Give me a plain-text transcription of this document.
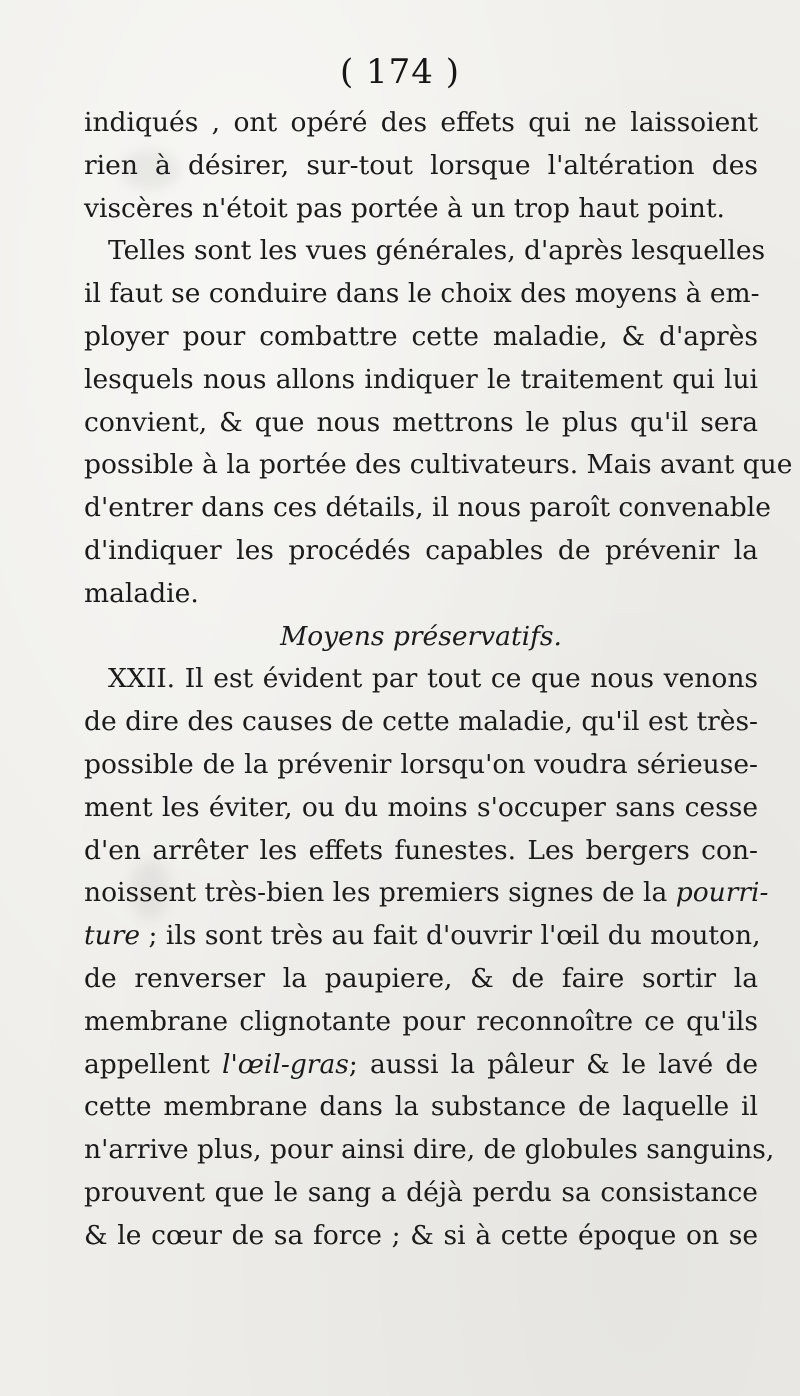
( 174 )
indiqués , ont opéré des effets qui ne laissoient
rien à désirer, sur-tout lorsque l'altération des
viscères n'étoit pas portée à un trop haut point.
Telles sont les vues générales, d'après lesquelles
il faut se conduire dans le choix des moyens à em-
ployer pour combattre cette maladie, & d'après
lesquels nous allons indiquer le traitement qui lui
convient, & que nous mettrons le plus qu'il sera
possible à la portée des cultivateurs. Mais avant que
d'entrer dans ces détails, il nous paroît convenable
d'indiquer les procédés capables de prévenir la
maladie.
Moyens préservatifs.
XXII. Il est évident par tout ce que nous venons
de dire des causes de cette maladie, qu'il est très-
possible de la prévenir lorsqu'on voudra sérieuse-
ment les éviter, ou du moins s'occuper sans cesse
d'en arrêter les effets funestes. Les bergers con-
noissent très-bien les premiers signes de la pourri-
ture ; ils sont très au fait d'ouvrir l'œil du mouton,
de renverser la paupiere, & de faire sortir la
membrane clignotante pour reconnoître ce qu'ils
appellent l'œil-gras; aussi la pâleur & le lavé de
cette membrane dans la substance de laquelle il
n'arrive plus, pour ainsi dire, de globules sanguins,
prouvent que le sang a déjà perdu sa consistance
& le cœur de sa force ; & si à cette époque on se
